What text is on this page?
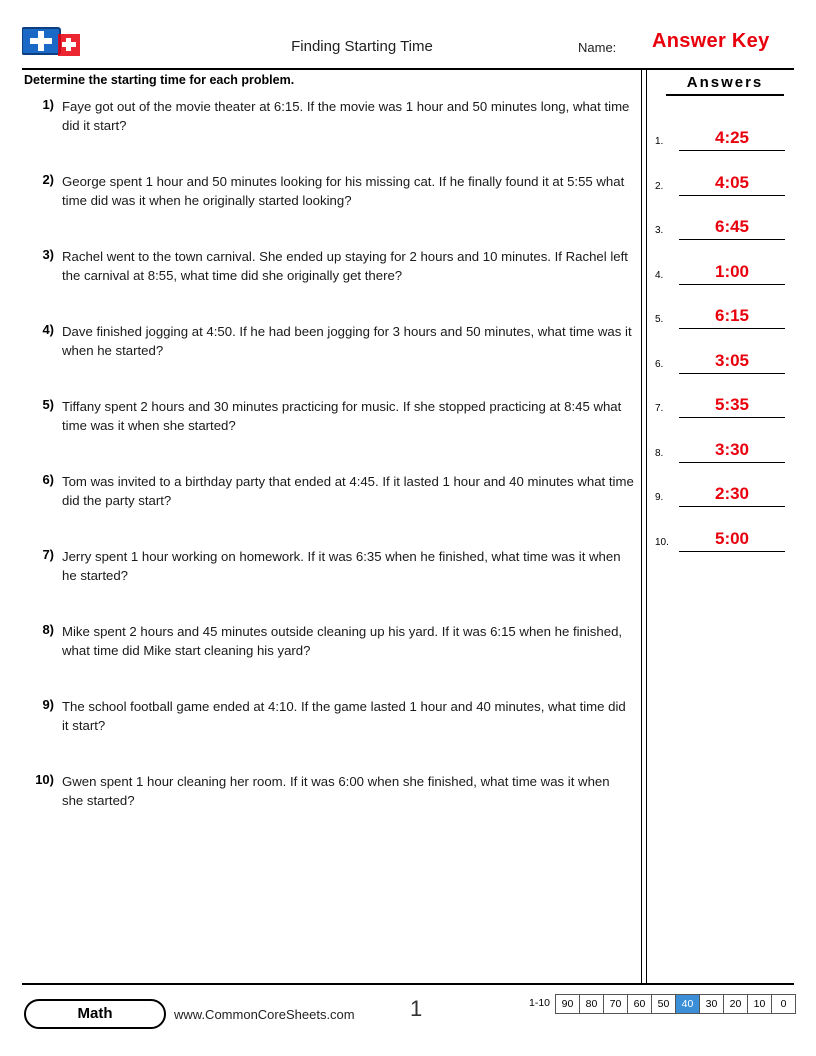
Finding Starting Time	Name: Answer Key
Determine the starting time for each problem.
1) Faye got out of the movie theater at 6:15. If the movie was 1 hour and 50 minutes long, what time did it start?
2) George spent 1 hour and 50 minutes looking for his missing cat. If he finally found it at 5:55 what time did was it when he originally started looking?
3) Rachel went to the town carnival. She ended up staying for 2 hours and 10 minutes. If Rachel left the carnival at 8:55, what time did she originally get there?
4) Dave finished jogging at 4:50. If he had been jogging for 3 hours and 50 minutes, what time was it when he started?
5) Tiffany spent 2 hours and 30 minutes practicing for music. If she stopped practicing at 8:45 what time was it when she started?
6) Tom was invited to a birthday party that ended at 4:45. If it lasted 1 hour and 40 minutes what time did the party start?
7) Jerry spent 1 hour working on homework. If it was 6:35 when he finished, what time was it when he started?
8) Mike spent 2 hours and 45 minutes outside cleaning up his yard. If it was 6:15 when he finished, what time did Mike start cleaning his yard?
9) The school football game ended at 4:10. If the game lasted 1 hour and 40 minutes, what time did it start?
10) Gwen spent 1 hour cleaning her room. If it was 6:00 when she finished, what time was it when she started?
Answers
1.	4:25
2.	4:05
3.	6:45
4.	1:00
5.	6:15
6.	3:05
7.	5:35
8.	3:30
9.	2:30
10.	5:00
Math	www.CommonCoreSheets.com	1	1-10	90	80	70	60	50	40	30	20	10	0
